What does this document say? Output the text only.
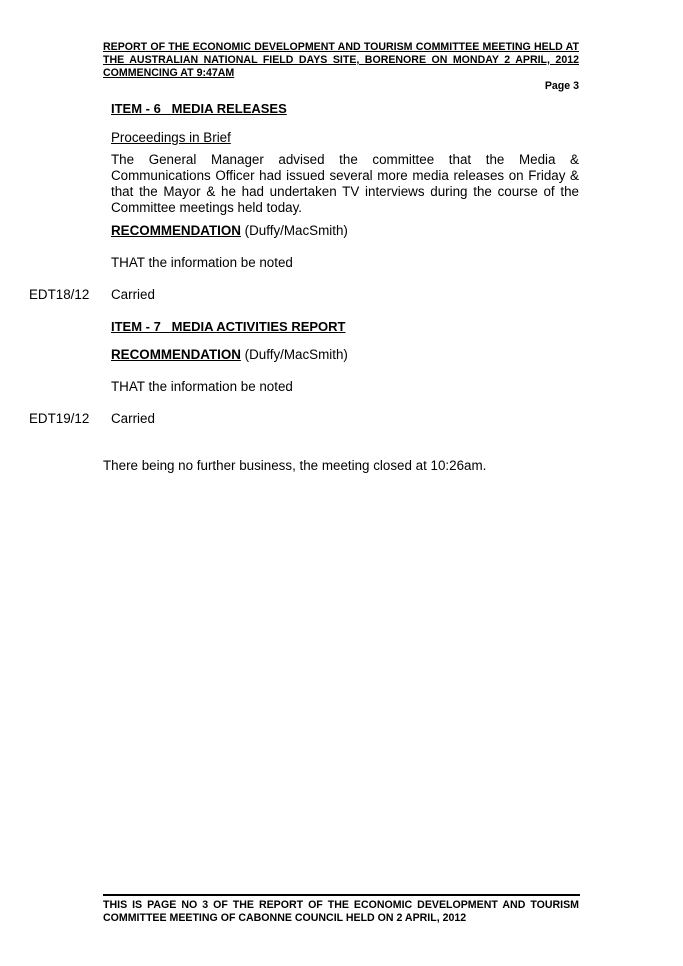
REPORT OF THE ECONOMIC DEVELOPMENT AND TOURISM COMMITTEE MEETING HELD AT THE AUSTRALIAN NATIONAL FIELD DAYS SITE, BORENORE ON MONDAY 2 APRIL, 2012 COMMENCING AT 9:47AM
Page 3
ITEM - 6   MEDIA RELEASES
Proceedings in Brief
The General Manager advised the committee that the Media & Communications Officer had issued several more media releases on Friday & that the Mayor & he had undertaken TV interviews during the course of the Committee meetings held today.
RECOMMENDATION (Duffy/MacSmith)
THAT the information be noted
EDT18/12 Carried
ITEM - 7   MEDIA ACTIVITIES REPORT
RECOMMENDATION (Duffy/MacSmith)
THAT the information be noted
EDT19/12 Carried
There being no further business, the meeting closed at 10:26am.
THIS IS PAGE NO 3 OF THE REPORT OF THE ECONOMIC DEVELOPMENT AND TOURISM COMMITTEE MEETING OF CABONNE COUNCIL HELD ON 2 APRIL, 2012
